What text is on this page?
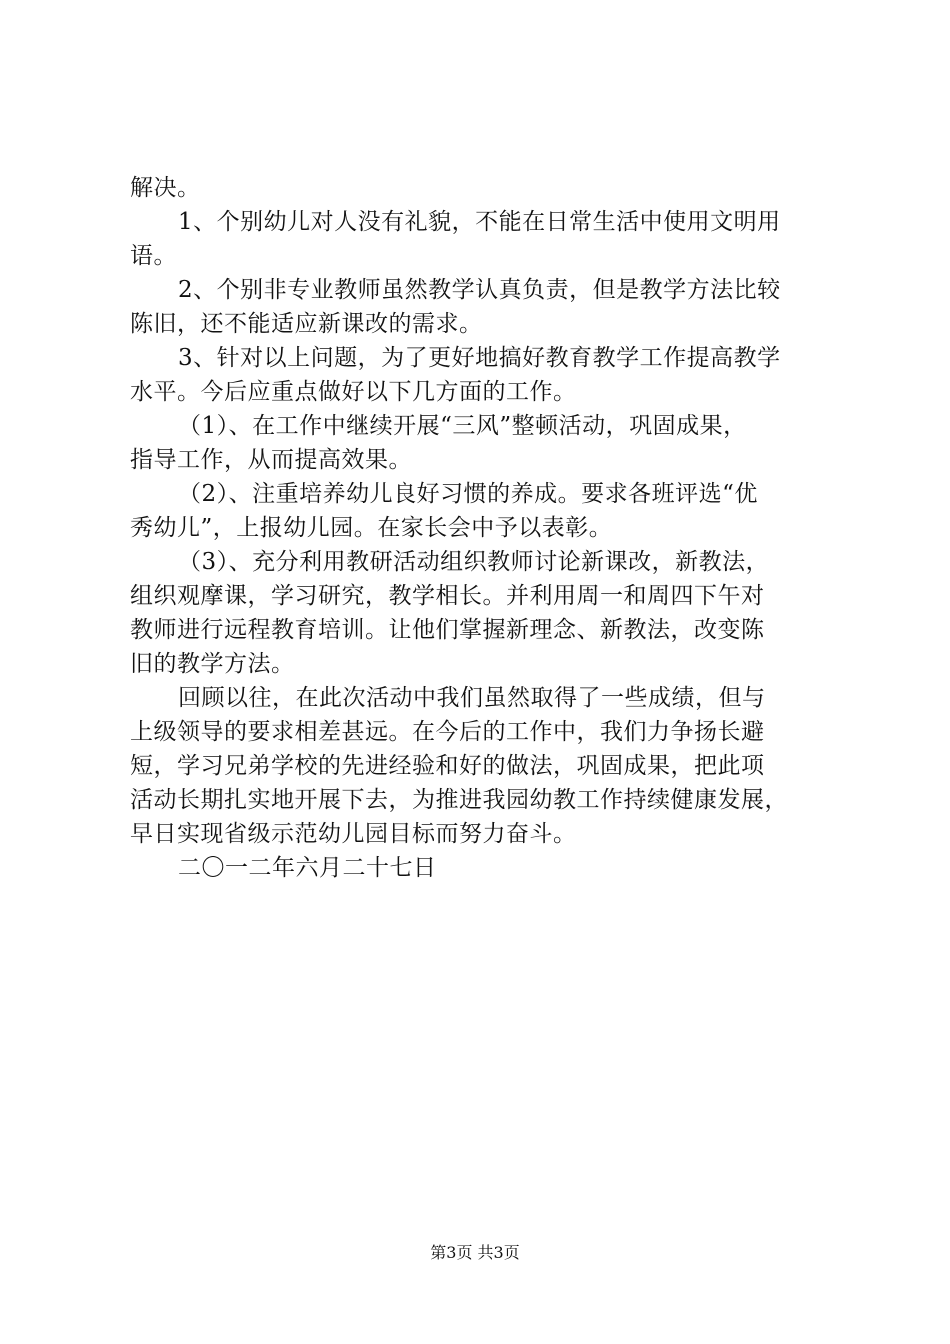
解决。
1、个别幼儿对人没有礼貌，不能在日常生活中使用文明用
语。
2、个别非专业教师虽然教学认真负责，但是教学方法比较
陈旧，还不能适应新课改的需求。
3、针对以上问题，为了更好地搞好教育教学工作提高教学
水平。今后应重点做好以下几方面的工作。
（1）、在工作中继续开展“三风”整顿活动，巩固成果，
指导工作，从而提高效果。
（2）、注重培养幼儿良好习惯的养成。要求各班评选“优
秀幼儿”，上报幼儿园。在家长会中予以表彰。
（3）、充分利用教研活动组织教师讨论新课改，新教法，
组织观摩课，学习研究，教学相长。并利用周一和周四下午对
教师进行远程教育培训。让他们掌握新理念、新教法，改变陈
旧的教学方法。
回顾以往，在此次活动中我们虽然取得了一些成绩，但与
上级领导的要求相差甚远。在今后的工作中，我们力争扬长避
短，学习兄弟学校的先进经验和好的做法，巩固成果，把此项
活动长期扎实地开展下去，为推进我园幼教工作持续健康发展，
早日实现省级示范幼儿园目标而努力奋斗。
二〇一二年六月二十七日
第3页 共3页
